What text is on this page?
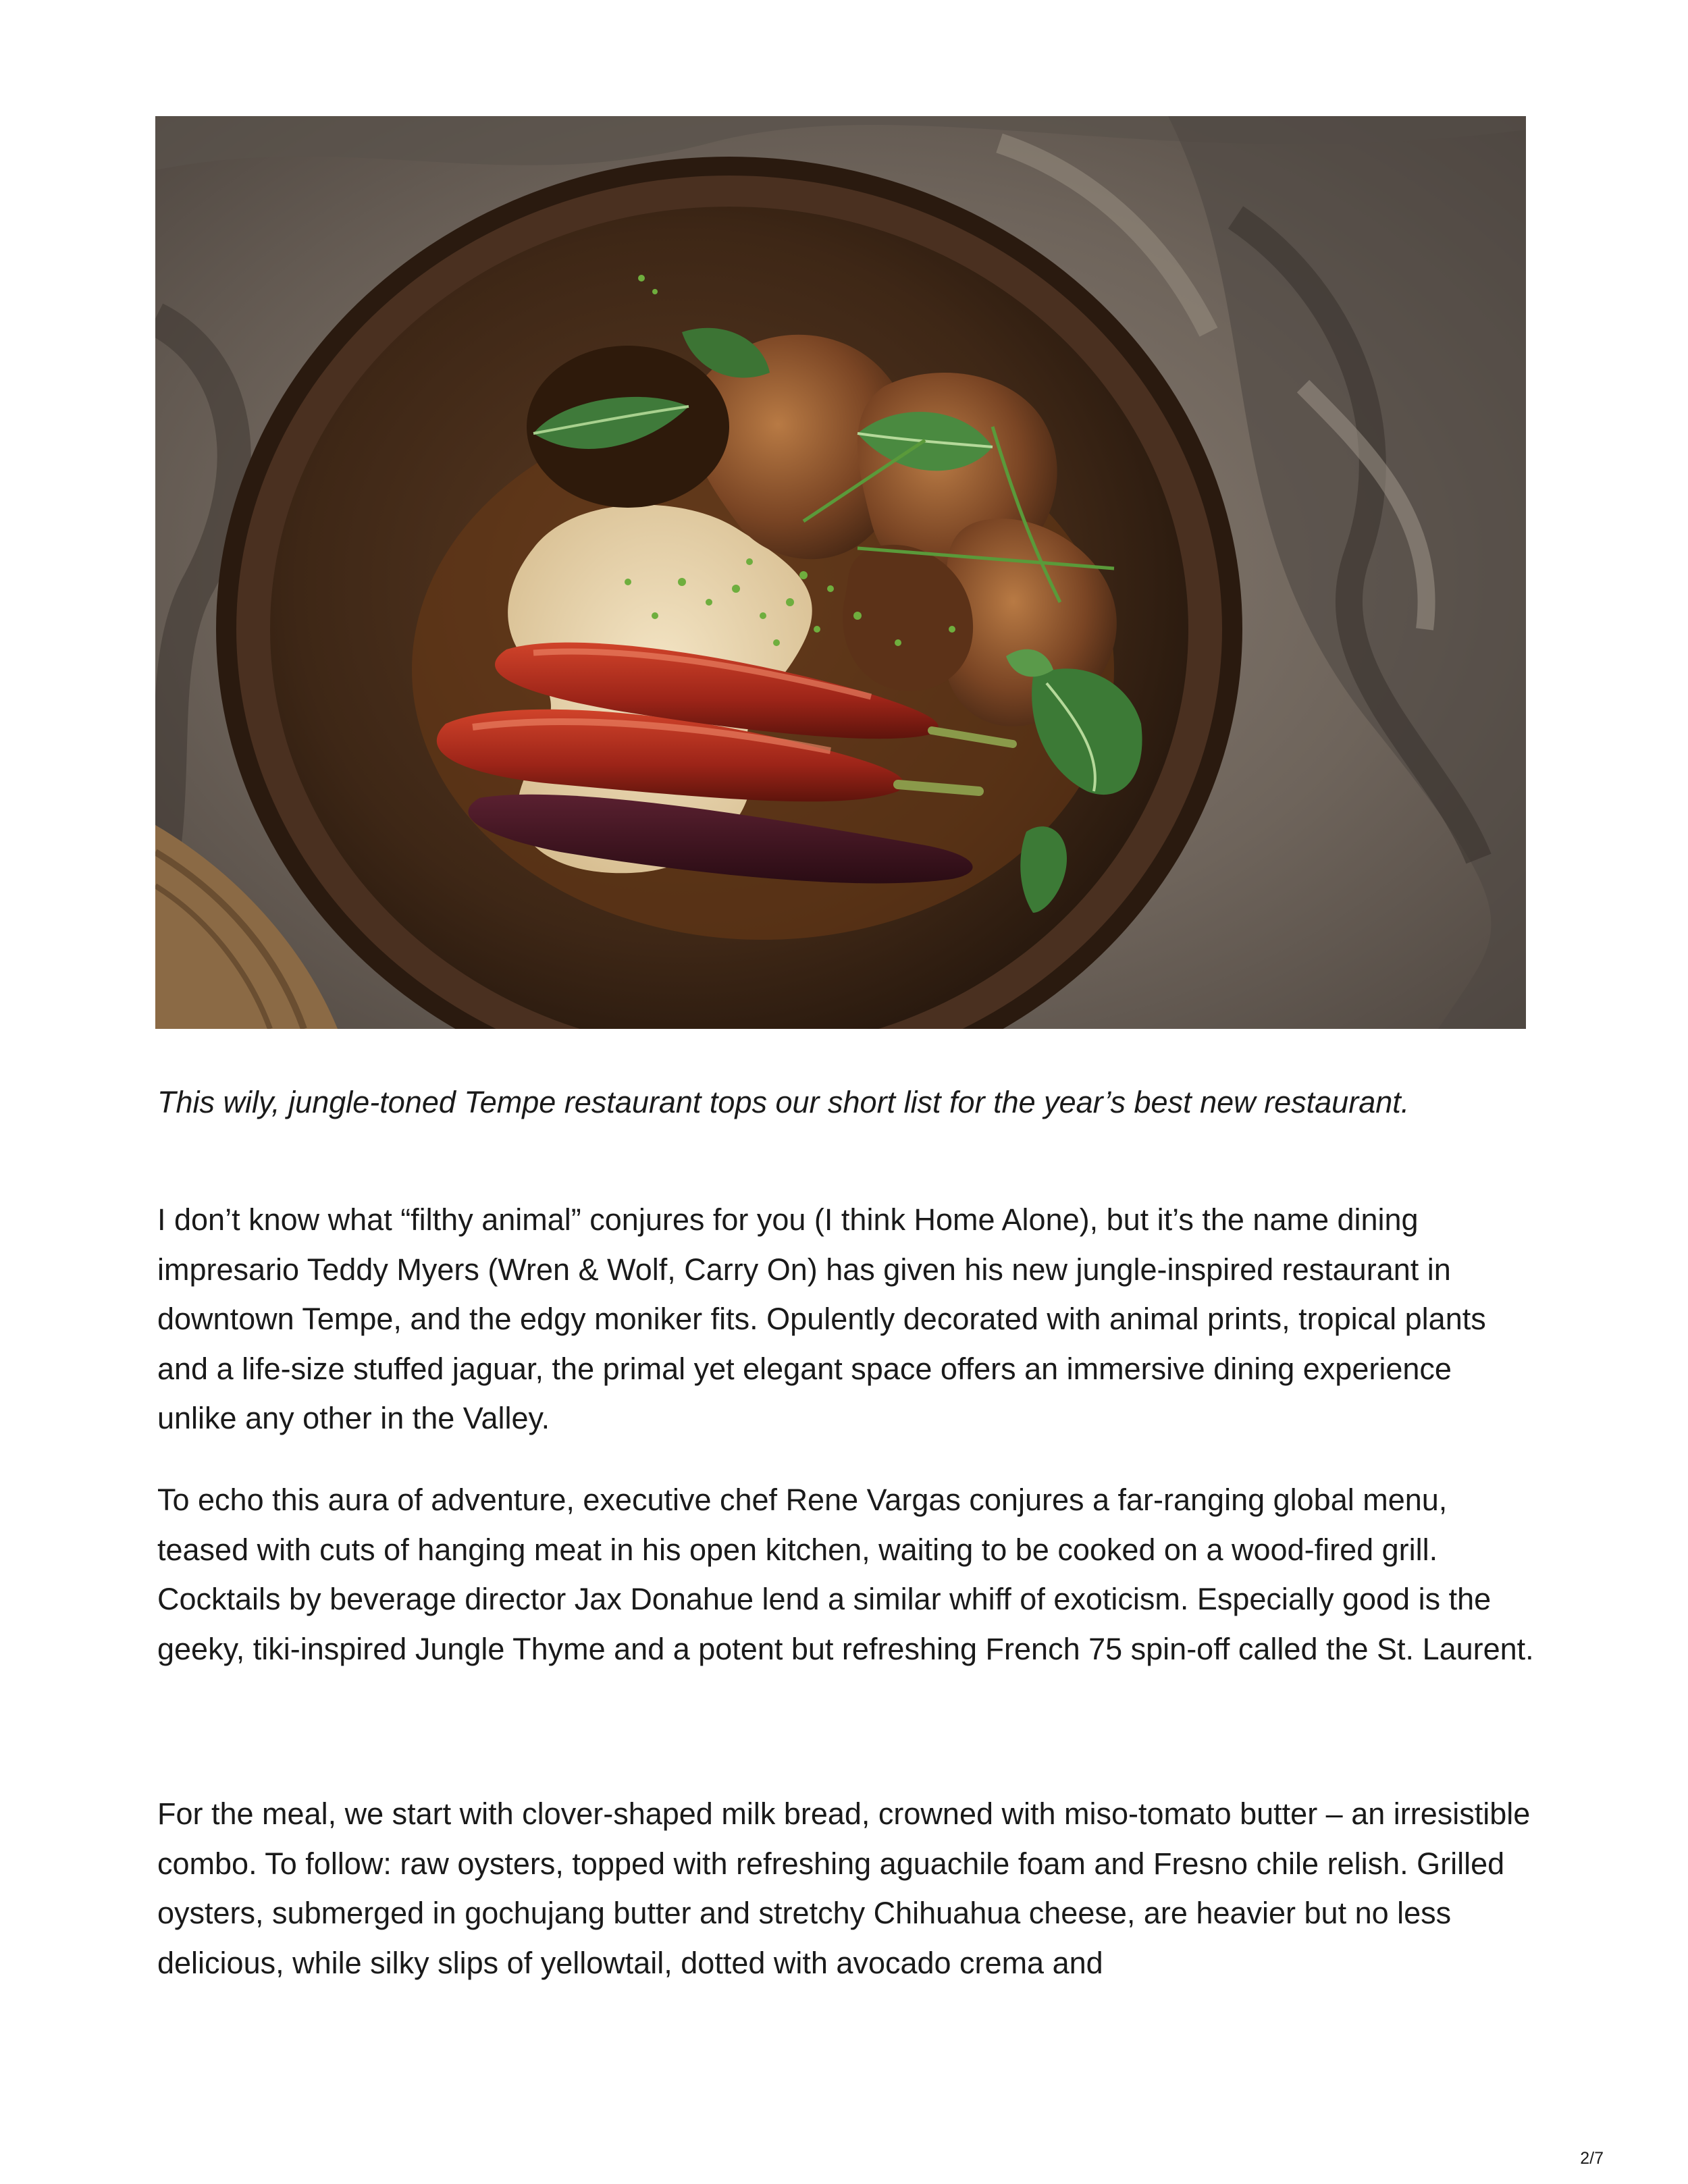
This wily, jungle-toned Tempe restaurant tops our short list for the year’s best new restaurant.

I don’t know what “filthy animal” conjures for you (I think Home Alone), but it’s the name dining impresario Teddy Myers (Wren & Wolf, Carry On) has given his new jungle-inspired restaurant in downtown Tempe, and the edgy moniker fits. Opulently decorated with animal prints, tropical plants and a life-size stuffed jaguar, the primal yet elegant space offers an immersive dining experience unlike any other in the Valley.

To echo this aura of adventure, executive chef Rene Vargas conjures a far-ranging global menu, teased with cuts of hanging meat in his open kitchen, waiting to be cooked on a wood-fired grill. Cocktails by beverage director Jax Donahue lend a similar whiff of exoticism. Especially good is the geeky, tiki-inspired Jungle Thyme and a potent but refreshing French 75 spin-off called the St. Laurent.

For the meal, we start with clover-shaped milk bread, crowned with miso-tomato butter – an irresistible combo. To follow: raw oysters, topped with refreshing aguachile foam and Fresno chile relish. Grilled oysters, submerged in gochujang butter and stretchy Chihuahua cheese, are heavier but no less delicious, while silky slips of yellowtail, dotted with avocado crema and

2/7
